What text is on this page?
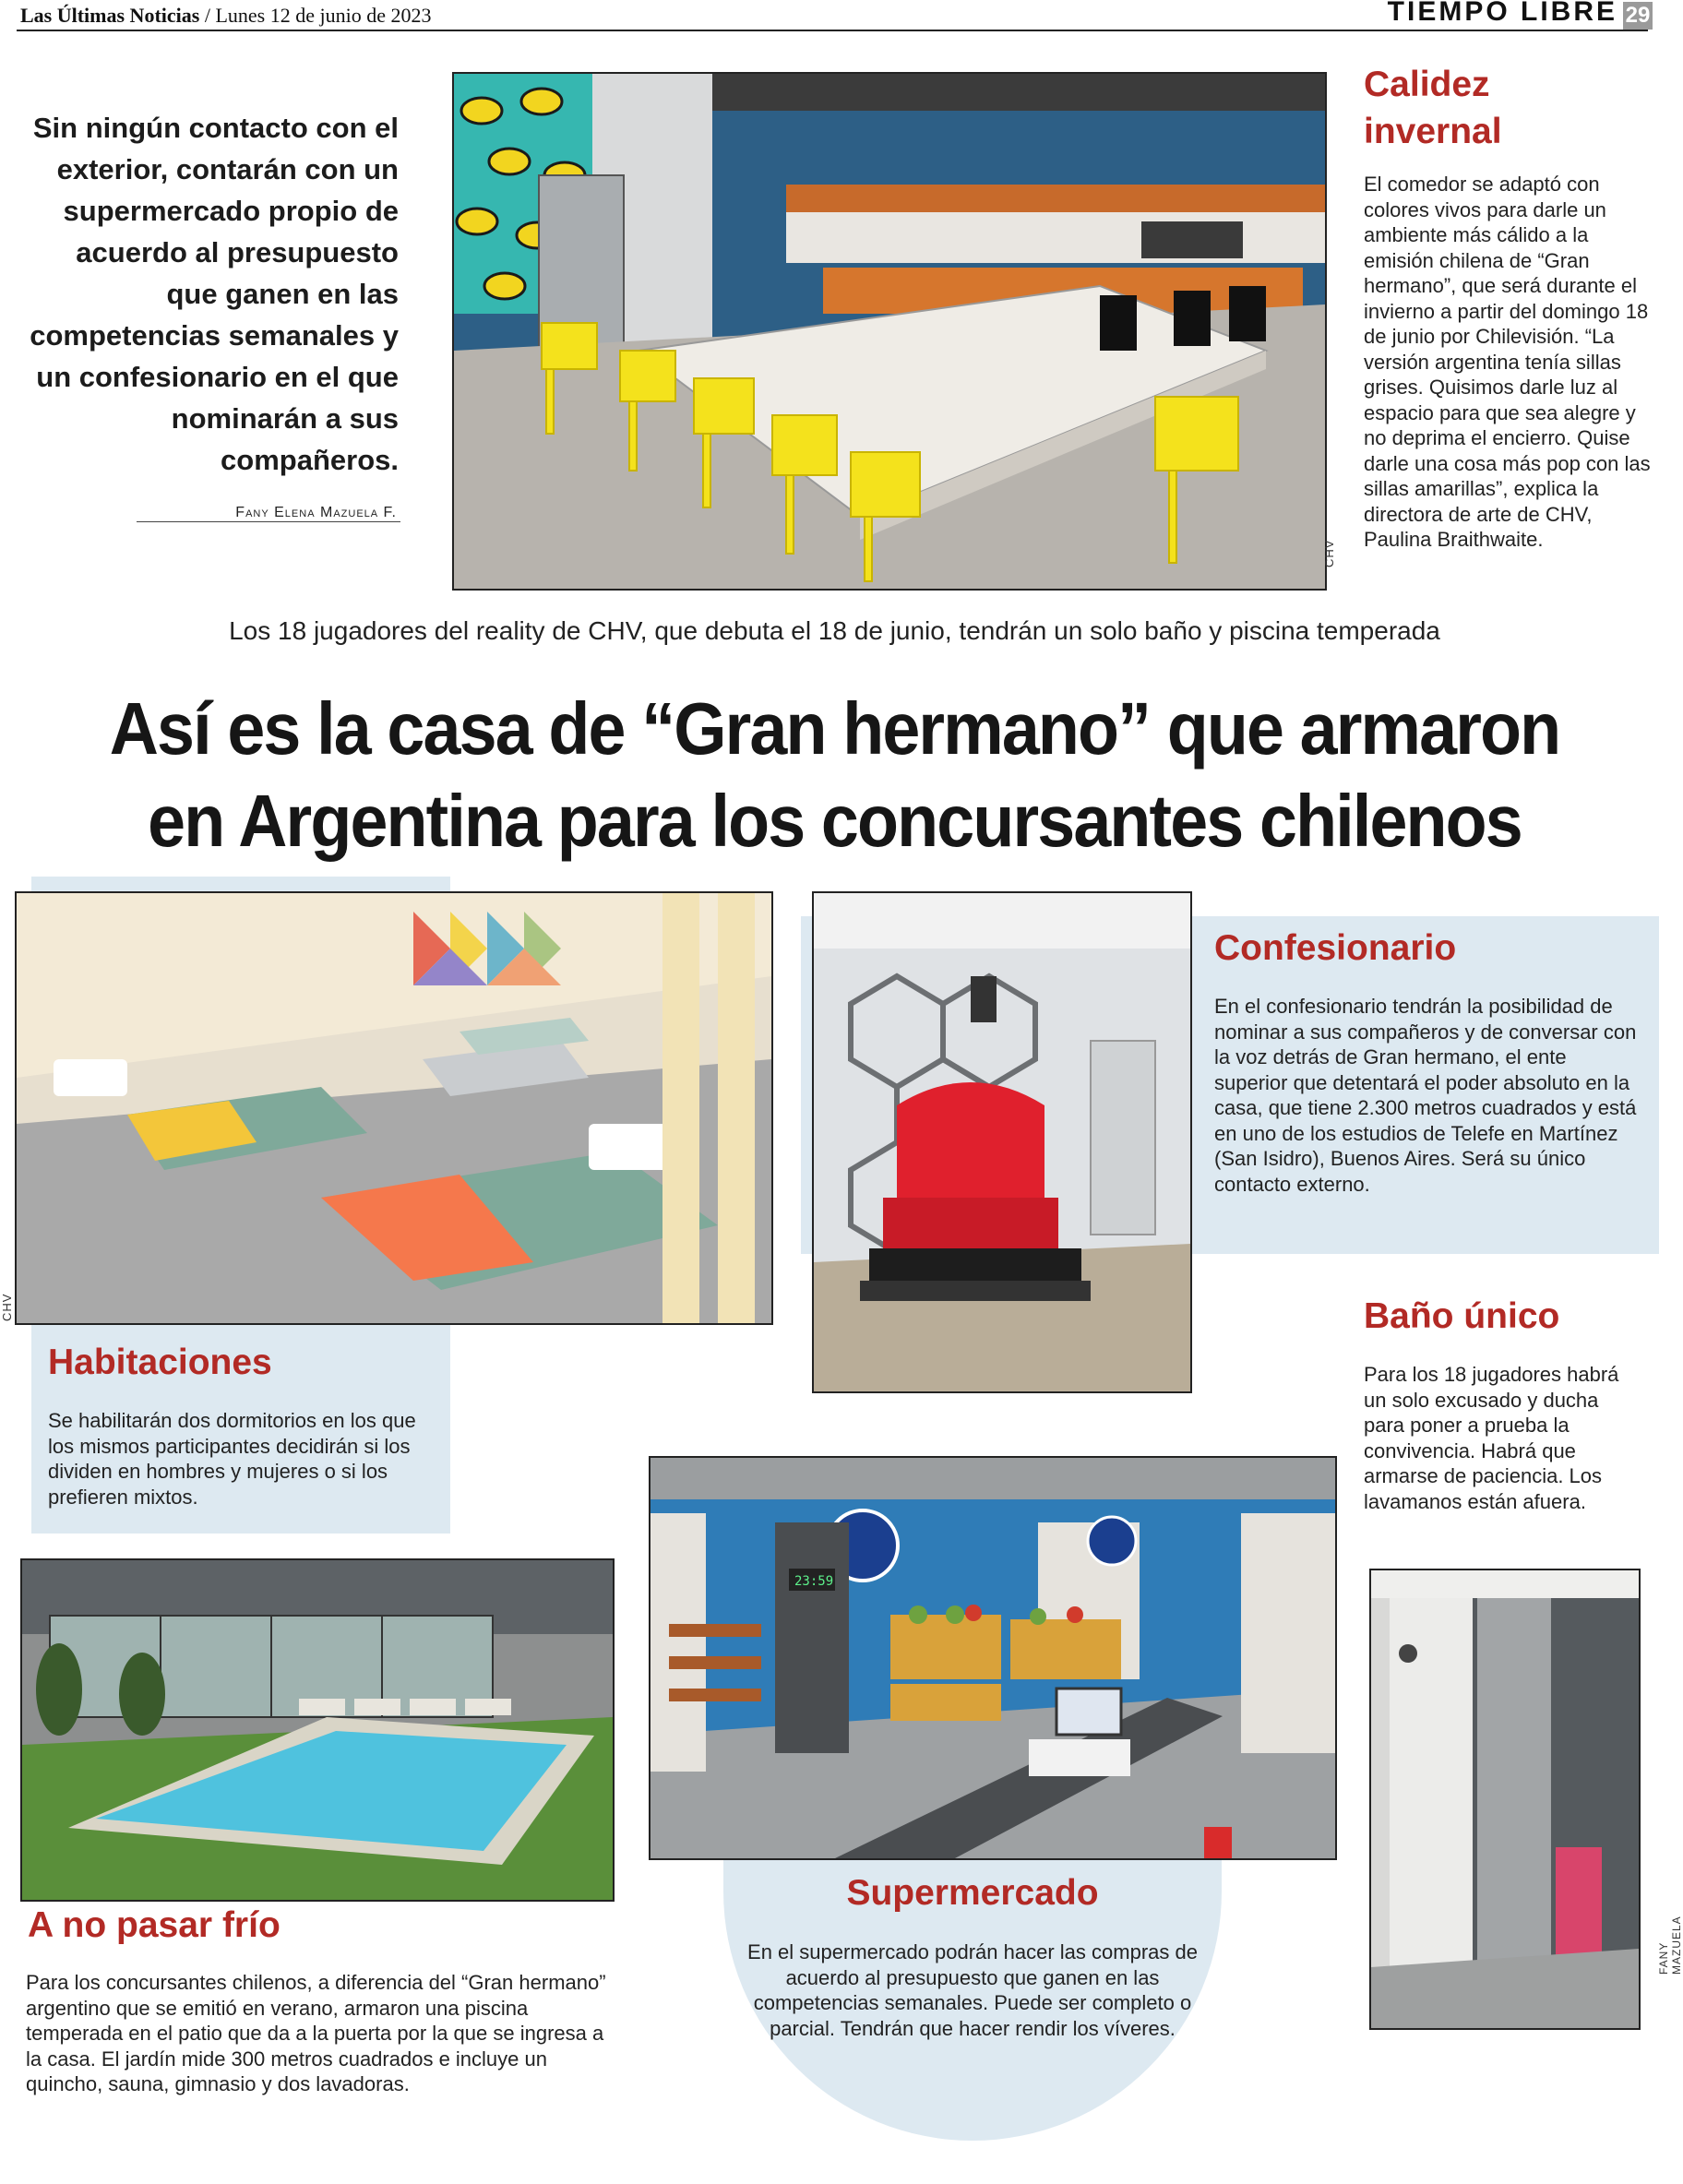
Las Últimas Noticias / Lunes 12 de junio de 2023	TIEMPO LIBRE 29
Sin ningún contacto con el exterior, contarán con un supermercado propio de acuerdo al presupuesto que ganen en las competencias semanales y un confesionario en el que nominarán a sus compañeros.
Fany Elena Mazuela F.
CHV
Calidez invernal
El comedor se adaptó con colores vivos para darle un ambiente más cálido a la emisión chilena de “Gran hermano”, que será durante el invierno a partir del domingo 18 de junio por Chilevisión. “La versión argentina tenía sillas grises. Quisimos darle luz al espacio para que sea alegre y no deprima el encierro. Quise darle una cosa más pop con las sillas amarillas”, explica la directora de arte de CHV, Paulina Braithwaite.
Los 18 jugadores del reality de CHV, que debuta el 18 de junio, tendrán un solo baño y piscina temperada
Así es la casa de “Gran hermano” que armaron
en Argentina para los concursantes chilenos
CHV
Habitaciones
Se habilitarán dos dormitorios en los que los mismos participantes decidirán si los dividen en hombres y mujeres o si los prefieren mixtos.
Confesionario
En el confesionario tendrán la posibilidad de nominar a sus compañeros y de conversar con la voz detrás de Gran hermano, el ente superior que detentará el poder absoluto en la casa, que tiene 2.300 metros cuadrados y está en uno de los estudios de Telefe en Martínez (San Isidro), Buenos Aires. Será su único contacto externo.
Baño único
Para los 18 jugadores habrá un solo excusado y ducha para poner a prueba la convivencia. Habrá que armarse de paciencia. Los lavamanos están afuera.
FANY MAZUELA
A no pasar frío
Para los concursantes chilenos, a diferencia del “Gran hermano” argentino que se emitió en verano, armaron una piscina temperada en el patio que da a la puerta por la que se ingresa a la casa. El jardín mide 300 metros cuadrados e incluye un quincho, sauna, gimnasio y dos lavadoras.
23:59
Supermercado
En el supermercado podrán hacer las compras de acuerdo al presupuesto que ganen en las competencias semanales. Puede ser completo o parcial. Tendrán que hacer rendir los víveres.
